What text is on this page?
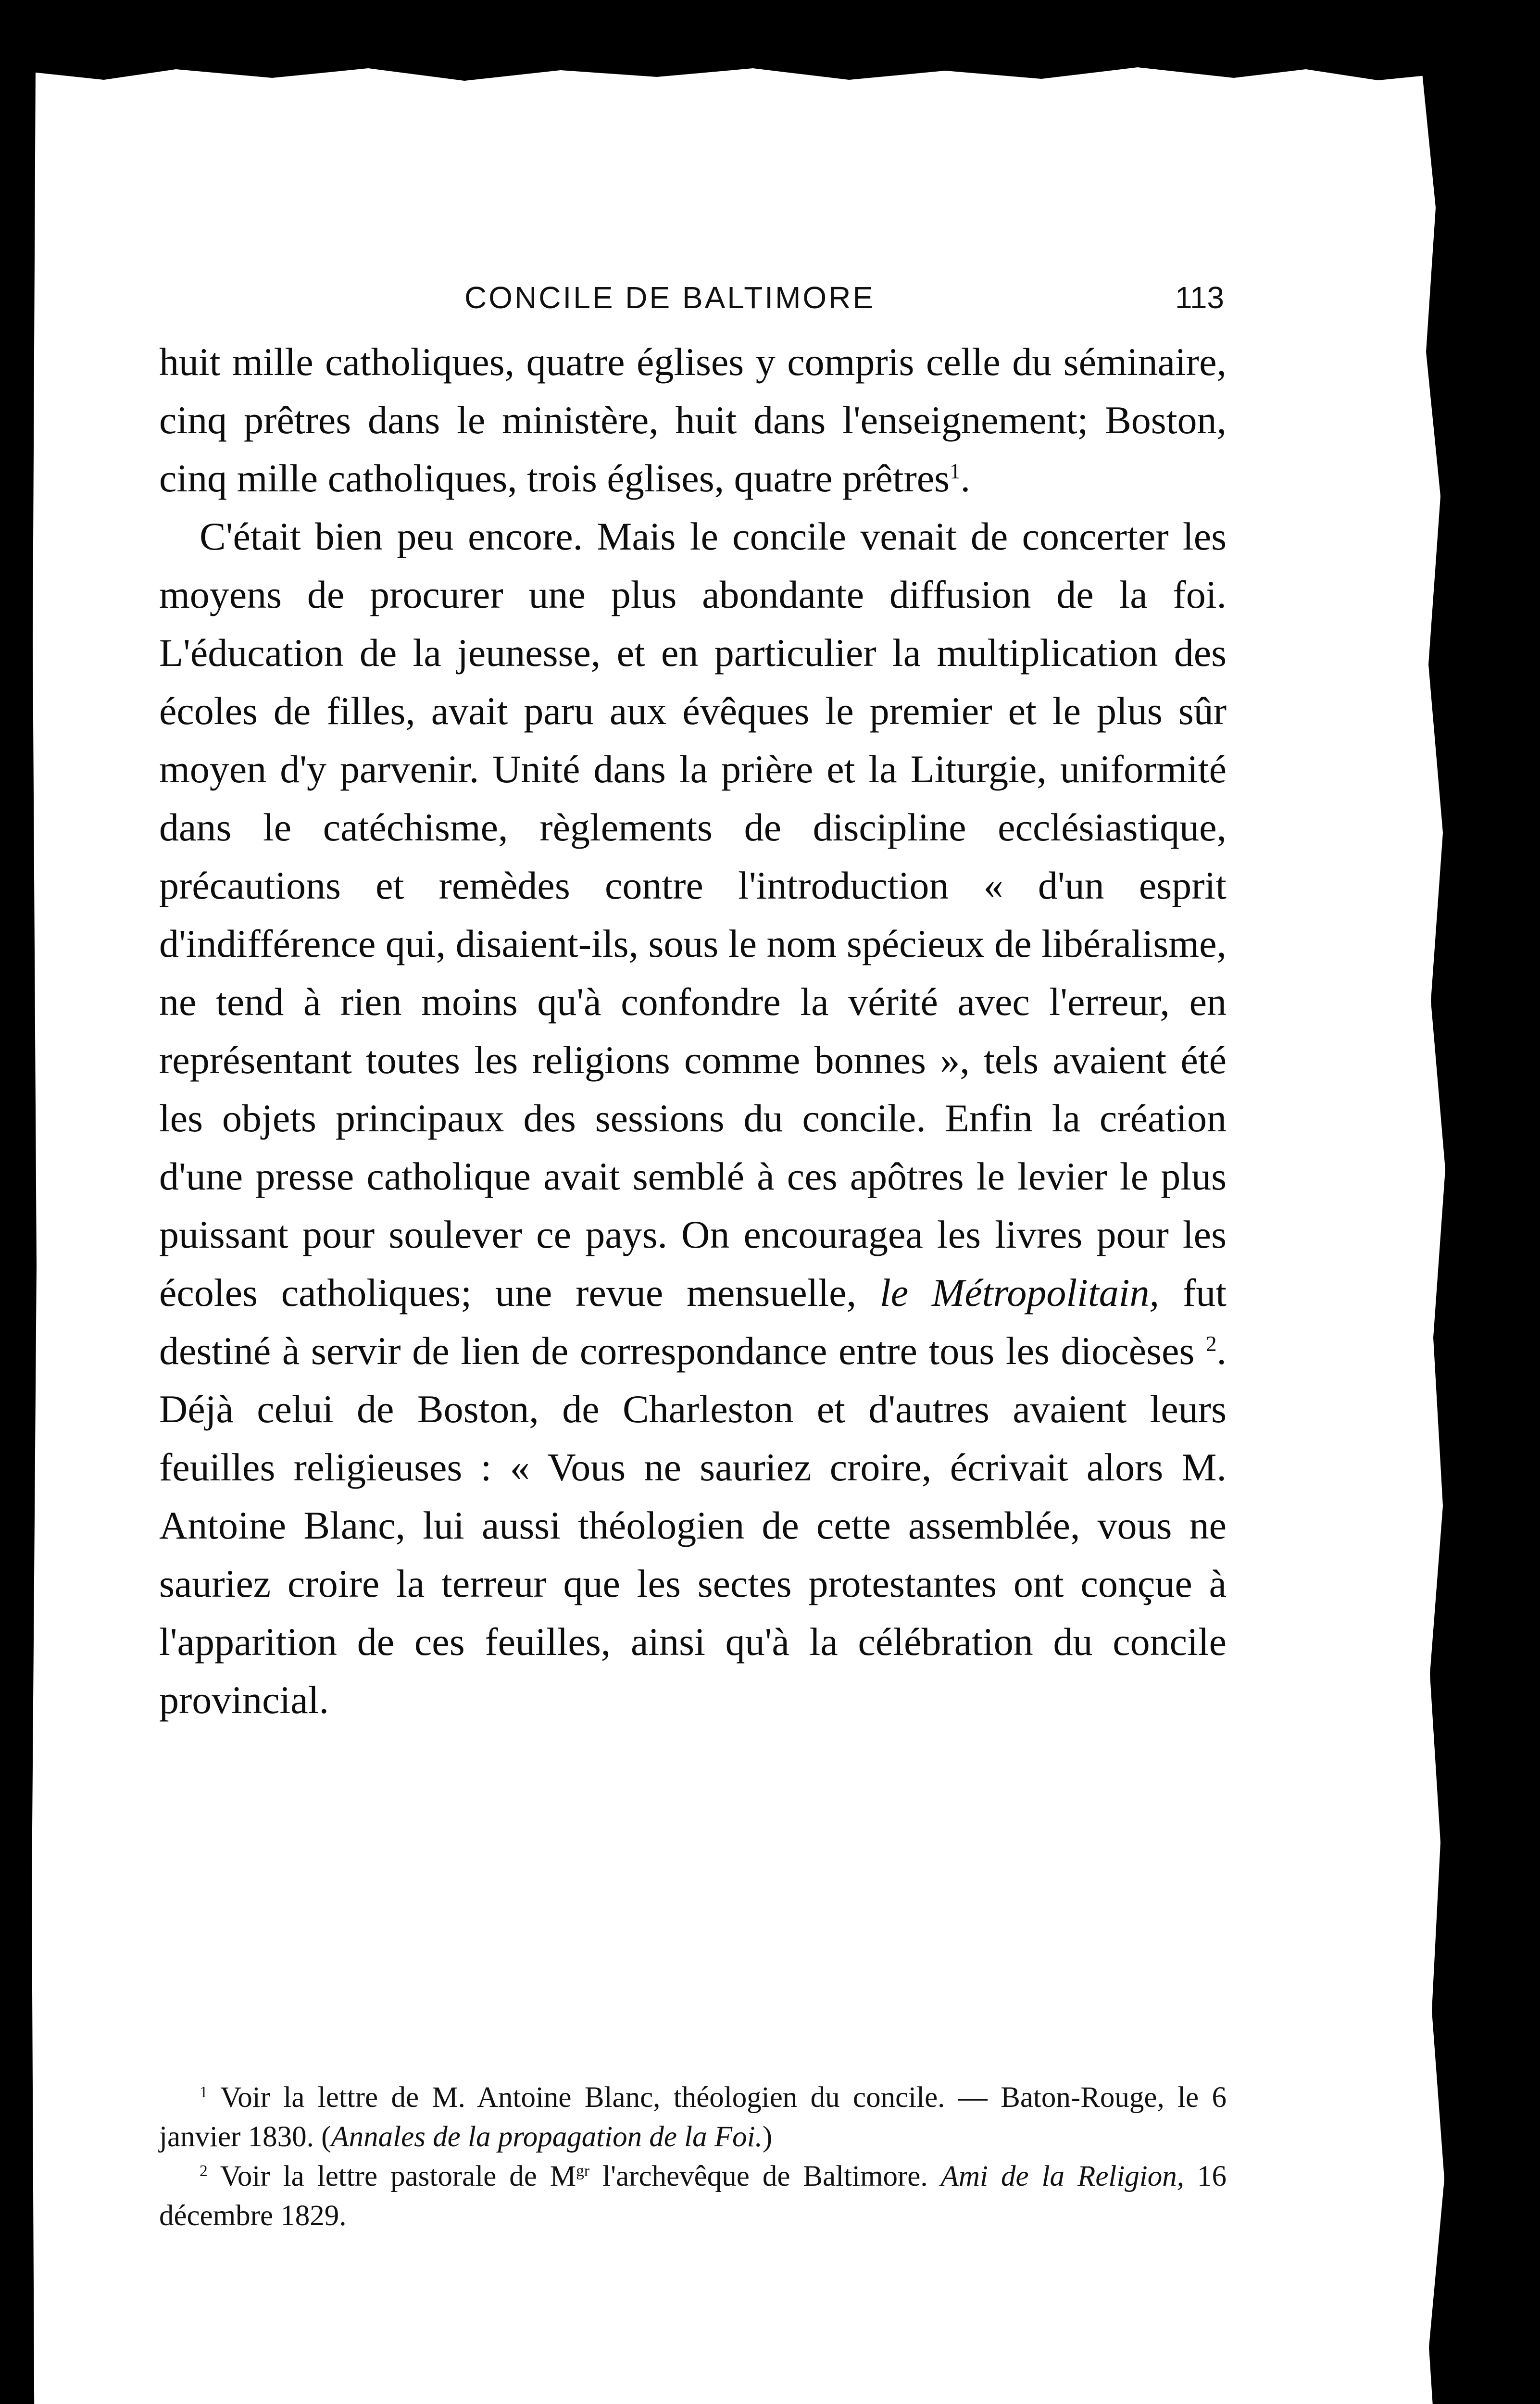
CONCILE DE BALTIMORE	113

huit mille catholiques, quatre églises y compris celle du séminaire, cinq prêtres dans le ministère, huit dans l'enseignement; Boston, cinq mille catholiques, trois églises, quatre prêtres$^1$.

C'était bien peu encore. Mais le concile venait de concerter les moyens de procurer une plus abondante diffusion de la foi. L'éducation de la jeunesse, et en particulier la multiplication des écoles de filles, avait paru aux évêques le premier et le plus sûr moyen d'y parvenir. Unité dans la prière et la Liturgie, uniformité dans le catéchisme, règlements de discipline ecclésiastique, précautions et remèdes contre l'introduction « d'un esprit d'indifférence qui, disaient-ils, sous le nom spécieux de libéralisme, ne tend à rien moins qu'à confondre la vérité avec l'erreur, en représentant toutes les religions comme bonnes », tels avaient été les objets principaux des sessions du concile. Enfin la création d'une presse catholique avait semblé à ces apôtres le levier le plus puissant pour soulever ce pays. On encouragea les livres pour les écoles catholiques; une revue mensuelle, le Métropolitain, fut destiné à servir de lien de correspondance entre tous les diocèses $^2$. Déjà celui de Boston, de Charleston et d'autres avaient leurs feuilles religieuses : « Vous ne sauriez croire, écrivait alors M. Antoine Blanc, lui aussi théologien de cette assemblée, vous ne sauriez croire la terreur que les sectes protestantes ont conçue à l'apparition de ces feuilles, ainsi qu'à la célébration du concile provincial.

$^1$ Voir la lettre de M. Antoine Blanc, théologien du concile. — Baton-Rouge, le 6 janvier 1830. (Annales de la propagation de la Foi.)

$^2$ Voir la lettre pastorale de $M^{gr}$ l'archevêque de Baltimore. Ami de la Religion, 16 décembre 1829.
